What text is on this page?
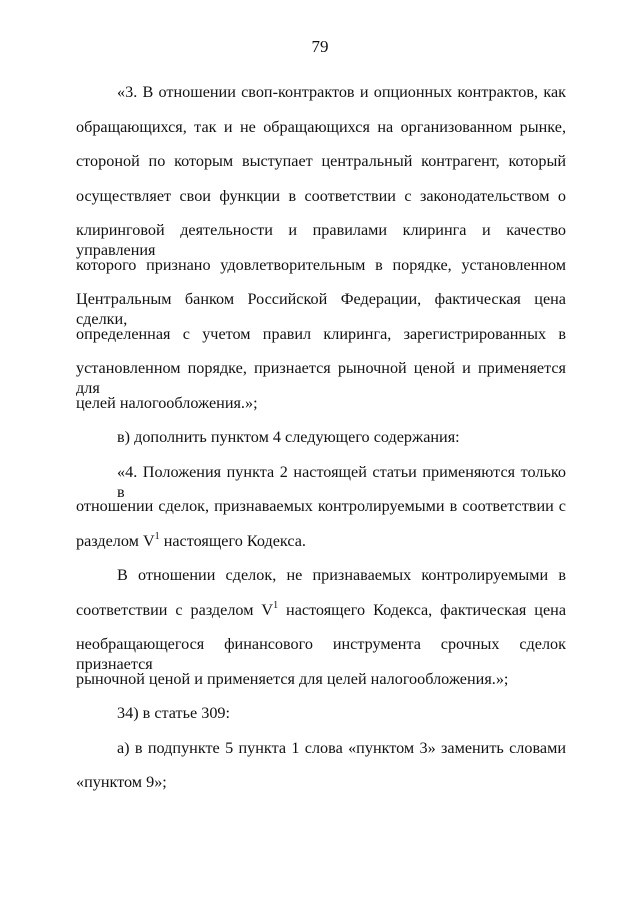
79
«3. В отношении своп-контрактов и опционных контрактов, как
обращающихся, так и не обращающихся на организованном рынке,
стороной по которым выступает центральный контрагент, который
осуществляет свои функции в соответствии с законодательством о
клиринговой деятельности и правилами клиринга и качество управления
которого признано удовлетворительным в порядке, установленном
Центральным банком Российской Федерации, фактическая цена сделки,
определенная с учетом правил клиринга, зарегистрированных в
установленном порядке, признается рыночной ценой и применяется для
целей налогообложения.»;
в) дополнить пунктом 4 следующего содержания:
«4. Положения пункта 2 настоящей статьи применяются только в
отношении сделок, признаваемых контролируемыми в соответствии с
разделом $V^1$ настоящего Кодекса.
В отношении сделок, не признаваемых контролируемыми в
соответствии с разделом $V^1$ настоящего Кодекса, фактическая цена
необращающегося финансового инструмента срочных сделок признается
рыночной ценой и применяется для целей налогообложения.»;
34) в статье 309:
а) в подпункте 5 пункта 1 слова «пунктом 3» заменить словами
«пунктом 9»;
